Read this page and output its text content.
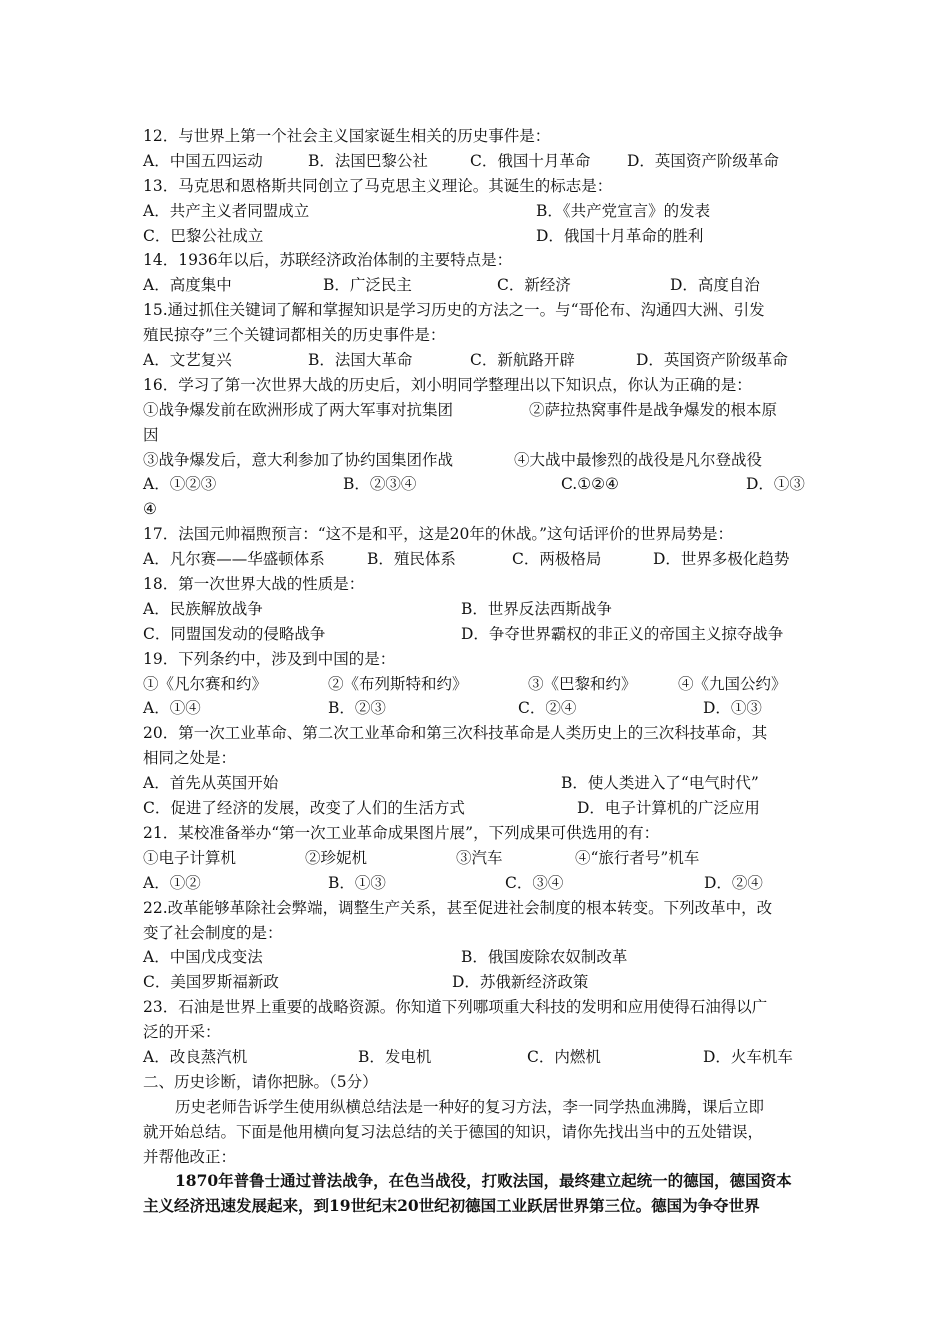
12．与世界上第一个社会主义国家诞生相关的历史事件是：
A．中国五四运动	B．法国巴黎公社	C．俄国十月革命 D．英国资产阶级革命
13．马克思和恩格斯共同创立了马克思主义理论。其诞生的标志是：
A．共产主义者同盟成立	B．《共产党宣言》的发表
C．巴黎公社成立	D．俄国十月革命的胜利
14．1936年以后，苏联经济政治体制的主要特点是：
A．高度集中	B．广泛民主	C．新经济	D．高度自治
15.通过抓住关键词了解和掌握知识是学习历史的方法之一。与“哥伦布、沟通四大洲、引发
殖民掠夺”三个关键词都相关的历史事件是：
A．文艺复兴	B．法国大革命	C．新航路开辟	D．英国资产阶级革命
16．学习了第一次世界大战的历史后，刘小明同学整理出以下知识点，你认为正确的是：
①战争爆发前在欧洲形成了两大军事对抗集团	②萨拉热窝事件是战争爆发的根本原
因
③战争爆发后，意大利参加了协约国集团作战	④大战中最惨烈的战役是凡尔登战役
A．①②③	B．②③④	C.①②④	D．①③
④
17．法国元帅福煦预言：“这不是和平，这是20年的休战。”这句话评价的世界局势是：
A．凡尔赛——华盛顿体系	B．殖民体系	C．两极格局	D．世界多极化趋势
18．第一次世界大战的性质是：
A．民族解放战争	B．世界反法西斯战争
C．同盟国发动的侵略战争	D．争夺世界霸权的非正义的帝国主义掠夺战争
19．下列条约中，涉及到中国的是：
①《凡尔赛和约》	②《布列斯特和约》	③《巴黎和约》	④《九国公约》
A．①④	B．②③	C．②④	D．①③
20．第一次工业革命、第二次工业革命和第三次科技革命是人类历史上的三次科技革命，其
相同之处是：
A．首先从英国开始	B．使人类进入了“电气时代”
C．促进了经济的发展，改变了人们的生活方式	D．电子计算机的广泛应用
21．某校准备举办“第一次工业革命成果图片展”，下列成果可供选用的有：
①电子计算机	②珍妮机	③汽车	④“旅行者号”机车
A．①②	B．①③	C．③④	D．②④
22.改革能够革除社会弊端，调整生产关系，甚至促进社会制度的根本转变。下列改革中，改
变了社会制度的是：
A．中国戊戌变法	B．俄国废除农奴制改革
C．美国罗斯福新政	D．苏俄新经济政策
23．石油是世界上重要的战略资源。你知道下列哪项重大科技的发明和应用使得石油得以广
泛的开采：
A．改良蒸汽机	B．发电机	C．内燃机	D．火车机车
二、历史诊断，请你把脉。（5分）
历史老师告诉学生使用纵横总结法是一种好的复习方法，李一同学热血沸腾，课后立即
就开始总结。下面是他用横向复习法总结的关于德国的知识，请你先找出当中的五处错误，
并帮他改正：
1870年普鲁士通过普法战争，在色当战役，打败法国，最终建立起统一的德国，德国资本
主义经济迅速发展起来，到19世纪末20世纪初德国工业跃居世界第三位。德国为争夺世界
